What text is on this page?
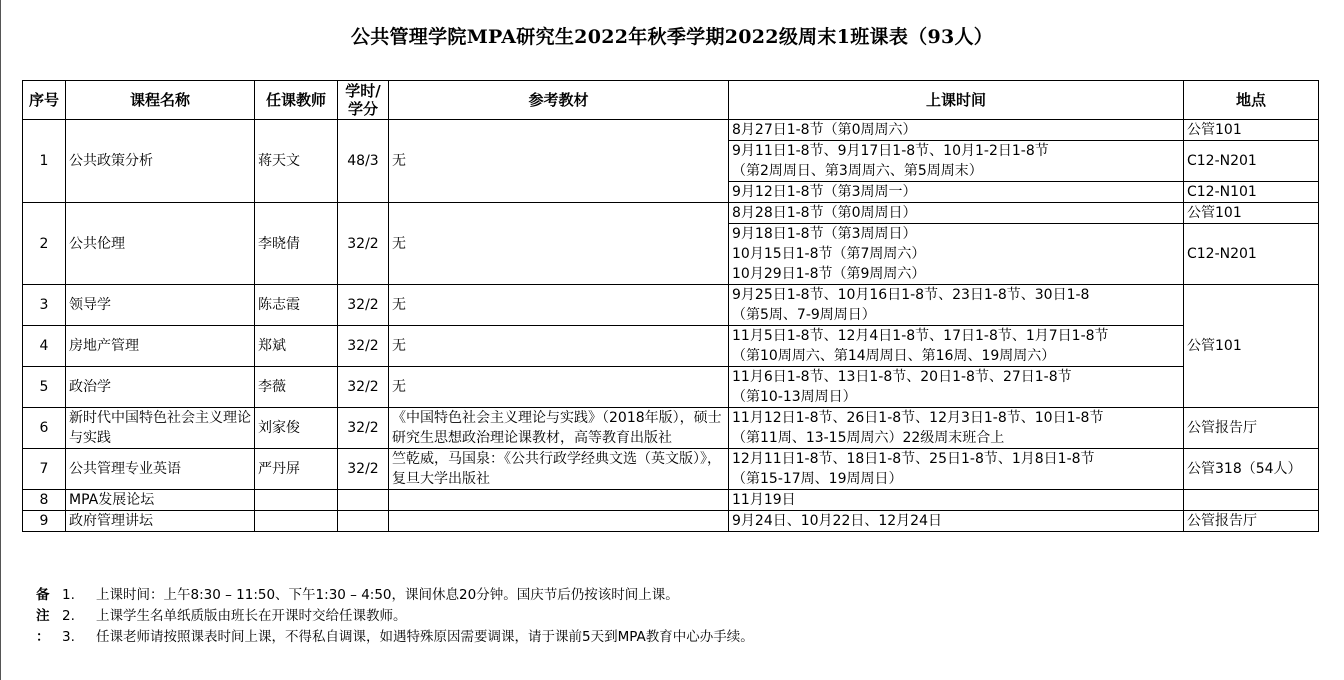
公共管理学院MPA研究生2022年秋季学期2022级周末1班课表（93人）
序号	课程名称	任课教师	学时/
学分	参考教材	上课时间	地点
1	公共政策分析	蒋天文	48/3	无	8月27日1-8节（第0周周六）	公管101
					9月11日1-8节、9月17日1-8节、10月1-2日1-8节
（第2周周日、第3周周六、第5周周末）	C12-N201
					9月12日1-8节（第3周周一）	C12-N101
2	公共伦理	李晓倩	32/2	无	8月28日1-8节（第0周周日）	公管101
					9月18日1-8节（第3周周日）
10月15日1-8节（第7周周六）
10月29日1-8节（第9周周六）	C12-N201
3	领导学	陈志霞	32/2	无	9月25日1-8节、10月16日1-8节、23日1-8节、30日1-8
（第5周、7-9周周日）	公管101
4	房地产管理	郑斌	32/2	无	11月5日1-8节、12月4日1-8节、17日1-8节、1月7日1-8节
（第10周周六、第14周周日、第16周、19周周六）	
5	政治学	李薇	32/2	无	11月6日1-8节、13日1-8节、20日1-8节、27日1-8节
（第10-13周周日）	
6	新时代中国特色社会主义理论与实践	刘家俊	32/2	《中国特色社会主义理论与实践》（2018年版），硕士研究生思想政治理论课教材，高等教育出版社	11月12日1-8节、26日1-8节、12月3日1-8节、10日1-8节
（第11周、13-15周周六）22级周末班合上	公管报告厅
7	公共管理专业英语	严丹屏	32/2	竺乾威，马国泉：《公共行政学经典文选（英文版）》，复旦大学出版社	12月11日1-8节、18日1-8节、25日1-8节、1月8日1-8节
（第15-17周、19周周日）	公管318（54人）
8	MPA发展论坛				11月19日	
9	政府管理讲坛				9月24日、10月22日、12月24日	公管报告厅
备 1.	上课时间：上午8:30 – 11:50、下午1:30 – 4:50，课间休息20分钟。国庆节后仍按该时间上课。
注 2.	上课学生名单纸质版由班长在开课时交给任课教师。
： 3.	任课老师请按照课表时间上课，不得私自调课，如遇特殊原因需要调课，请于课前5天到MPA教育中心办手续。
